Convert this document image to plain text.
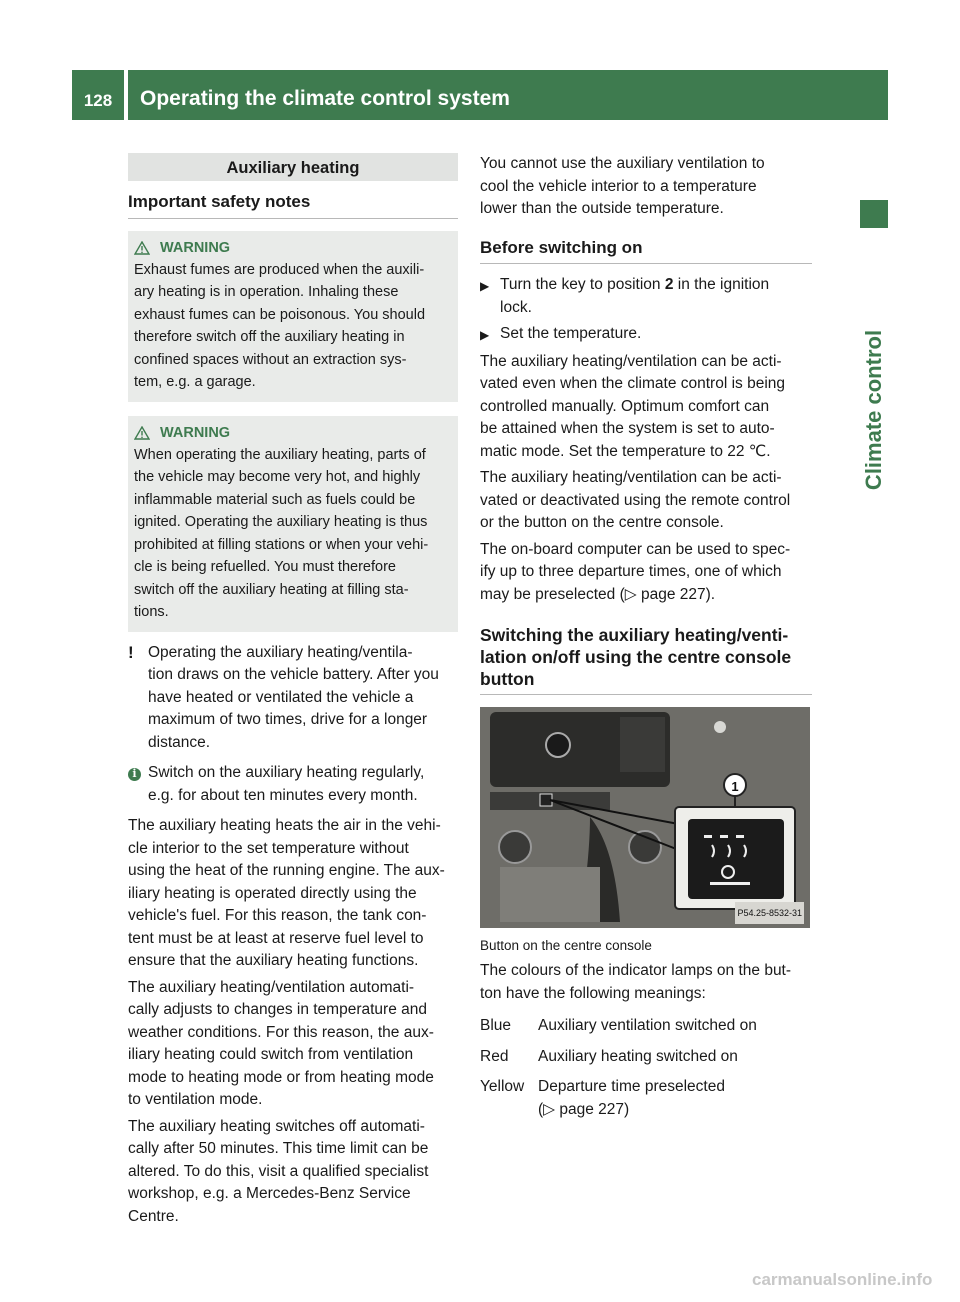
128	Operating the climate control system
Climate control
Auxiliary heating
Important safety notes
WARNING

Exhaust fumes are produced when the auxili-

ary heating is in operation. Inhaling these

exhaust fumes can be poisonous. You should

therefore switch off the auxiliary heating in

confined spaces without an extraction sys-

tem, e.g. a garage.

WARNING

When operating the auxiliary heating, parts of

the vehicle may become very hot, and highly

inflammable material such as fuels could be

ignited. Operating the auxiliary heating is thus

prohibited at filling stations or when your vehi-

cle is being refuelled. You must therefore

switch off the auxiliary heating at filling sta-

tions.

! Operating the auxiliary heating/ventila-

tion draws on the vehicle battery. After you

have heated or ventilated the vehicle a

maximum of two times, drive for a longer

distance.

i Switch on the auxiliary heating regularly,

e.g. for about ten minutes every month.

The auxiliary heating heats the air in the vehi-

cle interior to the set temperature without

using the heat of the running engine. The aux-

iliary heating is operated directly using the

vehicle's fuel. For this reason, the tank con-

tent must be at least at reserve fuel level to

ensure that the auxiliary heating functions.

The auxiliary heating/ventilation automati-

cally adjusts to changes in temperature and

weather conditions. For this reason, the aux-

iliary heating could switch from ventilation

mode to heating mode or from heating mode

to ventilation mode.

The auxiliary heating switches off automati-

cally after 50 minutes. This time limit can be

altered. To do this, visit a qualified specialist

workshop, e.g. a Mercedes-Benz Service

Centre.

You cannot use the auxiliary ventilation to

cool the vehicle interior to a temperature

lower than the outside temperature.

Before switching on
▶ Turn the key to position 2 in the ignition

lock.

▶ Set the temperature.

The auxiliary heating/ventilation can be acti-

vated even when the climate control is being

controlled manually. Optimum comfort can

be attained when the system is set to auto-

matic mode. Set the temperature to 22 ℃.

The auxiliary heating/ventilation can be acti-

vated or deactivated using the remote control

or the button on the centre console.

The on-board computer can be used to spec-

ify up to three departure times, one of which

may be preselected (▷ page 227).

Switching the auxiliary heating/venti-

lation on/off using the centre console

button

1
P54.25-8532-31

Button on the centre console

The colours of the indicator lamps on the but-

ton have the following meanings:

Blue	Auxiliary ventilation switched on
Red	Auxiliary heating switched on
Yellow Departure time preselected

(▷ page 227)

carmanualsonline.info
